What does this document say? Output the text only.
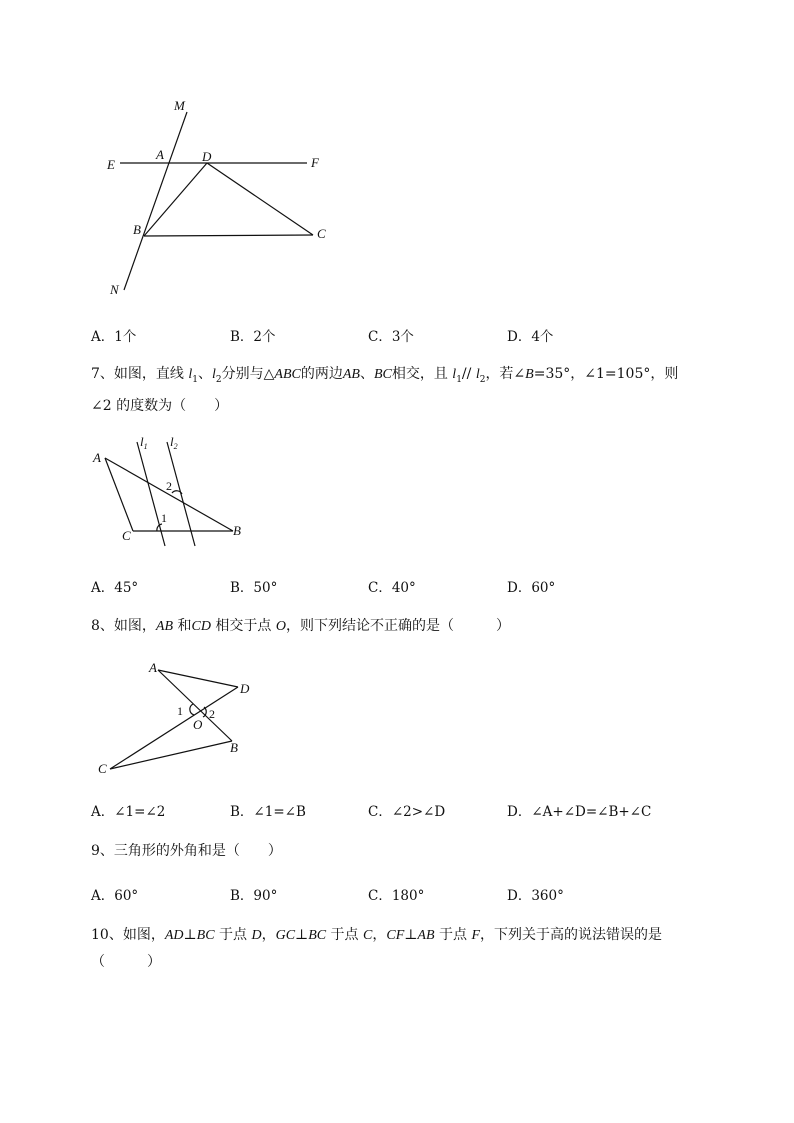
M
A	D
E	F
B	C
N
A．1个	B．2个	C．3个	D．4个
7、如图，直线 $l_1$、$l_2$分别与△ABC的两边AB、BC相交，且 $l_1//$ $l_2$，若∠B=35°，∠1=105°，则
∠2 的度数为（　　）
A
C	B
$l_1$ $l_2$
1
2
A．45°	B．50°	C．40°	D．60°
8、如图，AB 和CD 相交于点 O，则下列结论不正确的是（　　　）
A
D
O
B
C
1 2
A．∠1=∠2	B．∠1=∠B	C．∠2>∠D	D．∠A+∠D=∠B+∠C
9、三角形的外角和是（　　）
A．60°	B．90°	C．180°	D．360°
10、如图，AD⊥BC 于点 D，GC⊥BC 于点 C，CF⊥AB 于点 F，下列关于高的说法错误的是
（　　　）
